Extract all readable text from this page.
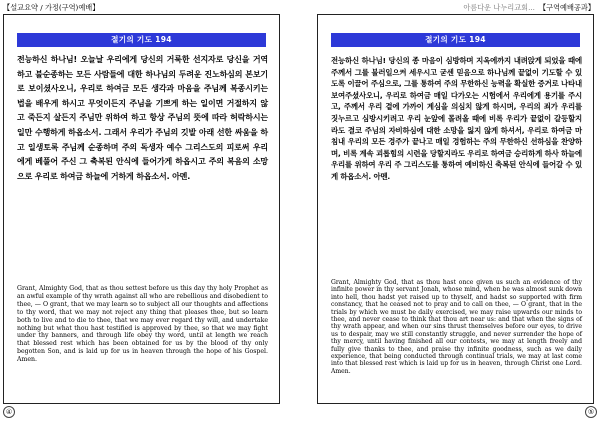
【설교요약 / 가정(구역)예배】	아름다운 나누리교회... 【구역예배공과】
절기의 기도 194
전능하신 하나님! 오늘날 우리에게 당신의 거룩한 선지자로 당신을 거역하고 불순종하는 모든 사람들에 대한 하나님의 두려운 진노하심의 본보기로 보이셨사오니, 우리로 하여금 모든 생각과 마음을 주님께 복종시키는 법을 배우게 하시고 무엇이든지 주님을 기쁘게 하는 일이면 거절하지 않고 죽든지 살든지 주님만 위하여 하고 항상 주님의 뜻에 따라 허락하시는 일만 수행하게 하옵소서. 그래서 우리가 주님의 깃발 아래 선한 싸움을 하고 일생토록 주님께 순종하며 주의 독생자 예수 그리스도의 피로써 우리에게 베풀어 주신 그 축복된 안식에 들어가게 하옵시고 주의 복음의 소망으로 우리로 하여금 하늘에 거하게 하옵소서. 아멘.
Grant, Almighty God, that as thou settest before us this day thy holy Prophet as an awful example of thy wrath against all who are rebellious and disobedient to thee, — O grant, that we may learn so to subject all our thoughts and affections to thy word, that we may not reject any thing that pleases thee, but so learn both to live and to die to thee, that we may ever regard thy will, and undertake nothing but what thou hast testified is approved by thee, so that we may fight under thy banners, and through life obey thy word, until at length we reach that blessed rest which has been obtained for us by the blood of thy only begotten Son, and is laid up for us in heaven through the hope of his Gospel. Amen.
절기의 기도 194
전능하신 하나님! 당신의 종 마음이 심방하며 지옥에까지 내려앉게 되었을 때에 주께서 그를 불러일으켜 세우시고 굳센 믿음으로 하나님께 끝없이 기도할 수 있도록 이끌어 주심으로, 그를 통하여 주의 무한하신 능력을 확실한 증거로 나타내 보여주셨사오니, 우리로 하여금 매일 다가오는 시험에서 우리에게 용기를 주시고, 주께서 우리 곁에 가까이 계심을 의심치 않게 하시며, 우리의 죄가 우리를 짓누르고 심방시키려고 우리 눈앞에 몰려올 때에 비록 우리가 끝없이 갈등할지라도 결코 주님의 자비하심에 대한 소망을 잃지 않게 하셔서, 우리로 하여금 마침내 우리의 모든 경주가 끝나고 매일 경험하는 주의 무한하신 선하심을 찬양하며, 비록 계속 괴롭힘의 시련을 당할지라도 우리로 하여금 승리하게 하사 하늘에 우리를 위하여 우리 주 그리스도를 통하여 예비하신 축복된 안식에 들어갈 수 있게 하옵소서. 아멘.
Grant, Almighty God, that as thou hast once given us such an evidence of thy infinite power in thy servant Jonah, whose mind, when he was almost sunk down into hell, thou hadst yet raised up to thyself, and hadst so supported with firm constancy, that he ceased not to pray and to call on thee, — O grant, that in the trials by which we must be daily exercised, we may raise upwards our minds to thee, and never cease to think that thou art near us: and that when the signs of thy wrath appear, and when our sins thrust themselves before our eyes, to drive us to despair, may we still constantly struggle, and never surrender the hope of thy mercy, until having finished all our contests, we may at length freely and fully give thanks to thee, and praise thy infinite goodness, such as we daily experience, that being conducted through continual trials, we may at last come into that blessed rest which is laid up for us in heaven, through Christ one Lord. Amen.
④	⑤
